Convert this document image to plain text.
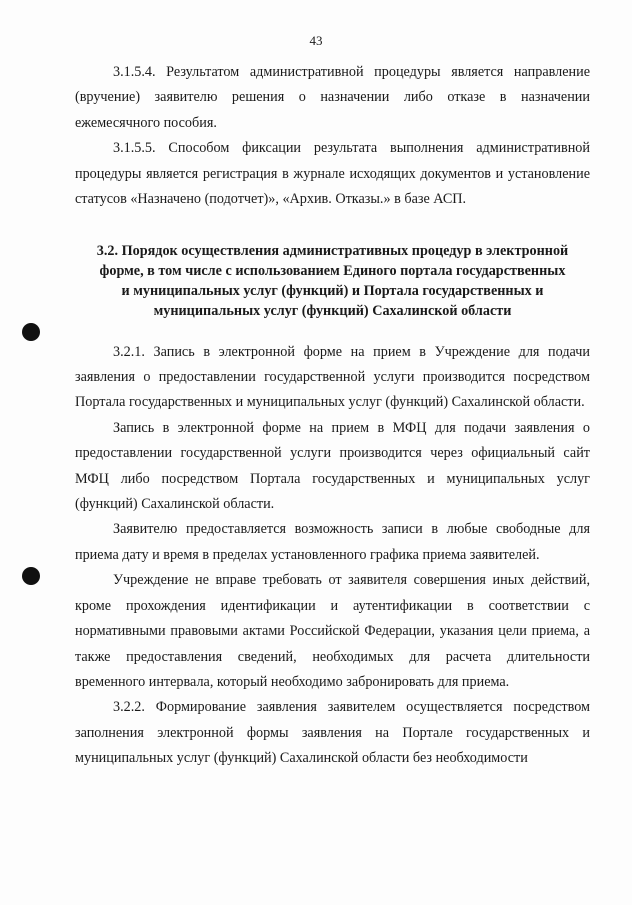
43

3.1.5.4. Результатом административной процедуры является направление (вручение) заявителю решения о назначении либо отказе в назначении ежемесячного пособия.

3.1.5.5. Способом фиксации результата выполнения административной процедуры является регистрация в журнале исходящих документов и установление статусов «Назначено (подотчет)», «Архив. Отказы.» в базе АСП.

3.2. Порядок осуществления административных процедур в электронной форме, в том числе с использованием Единого портала государственных и муниципальных услуг (функций) и Портала государственных и муниципальных услуг (функций) Сахалинской области

3.2.1. Запись в электронной форме на прием в Учреждение для подачи заявления о предоставлении государственной услуги производится посредством Портала государственных и муниципальных услуг (функций) Сахалинской области.

Запись в электронной форме на прием в МФЦ для подачи заявления о предоставлении государственной услуги производится через официальный сайт МФЦ либо посредством Портала государственных и муниципальных услуг (функций) Сахалинской области.

Заявителю предоставляется возможность записи в любые свободные для приема дату и время в пределах установленного графика приема заявителей.

Учреждение не вправе требовать от заявителя совершения иных действий, кроме прохождения идентификации и аутентификации в соответствии с нормативными правовыми актами Российской Федерации, указания цели приема, а также предоставления сведений, необходимых для расчета длительности временного интервала, который необходимо забронировать для приема.

3.2.2. Формирование заявления заявителем осуществляется посредством заполнения электронной формы заявления на Портале государственных и муниципальных услуг (функций) Сахалинской области без необходимости
